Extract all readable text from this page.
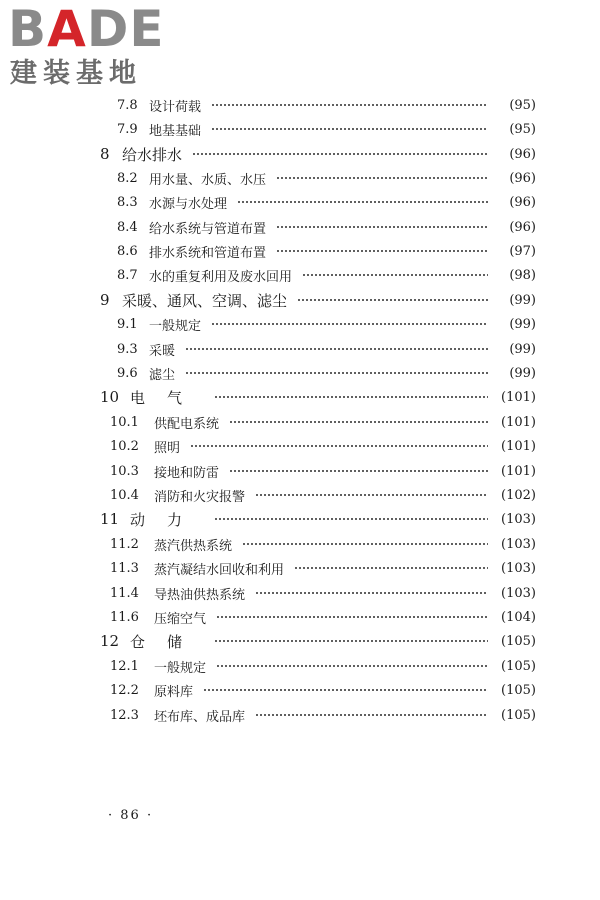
BADE
建装基地
7.8 设计荷载	(95)
7.9 地基基础	(95)
8 给水排水	(96)
8.2 用水量、水质、水压	(96)
8.3 水源与水处理	(96)
8.4 给水系统与管道布置	(96)
8.6 排水系统和管道布置	(97)
8.7 水的重复利用及废水回用	(98)
9 采暖、通风、空调、滤尘	(99)
9.1 一般规定	(99)
9.3 采暖	(99)
9.6 滤尘	(99)
10 电气	(101)
10.1	供配电系统	(101)
10.2	照明	(101)
10.3	接地和防雷	(101)
10.4	消防和火灾报警	(102)
11 动力	(103)
11.2	蒸汽供热系统	(103)
11.3	蒸汽凝结水回收和利用	(103)
11.4	导热油供热系统	(103)
11.6	压缩空气	(104)
12 仓储	(105)
12.1	一般规定	(105)
12.2	原料库	(105)
12.3	坯布库、成品库	(105)
· 86 ·
